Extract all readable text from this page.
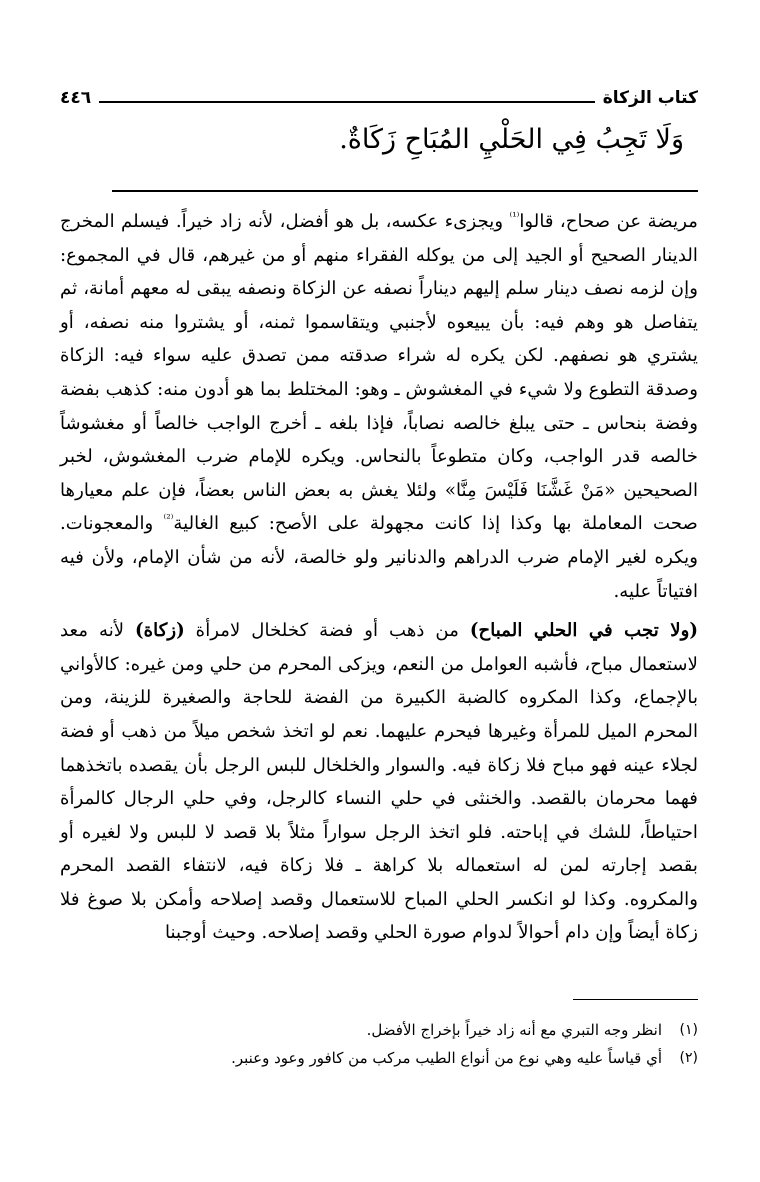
كتاب الزكاة
٤٤٦
وَلَا تَجِبُ فِي الحَلْيِ المُبَاحِ زَكَاةٌ.

مريضة عن صحاح، قالوا$^{^{(1)}}$ ويجزىء عكسه، بل هو أفضل، لأنه زاد خيراً. فيسلم المخرج الدينار الصحيح أو الجيد إلى من يوكله الفقراء منهم أو من غيرهم، قال في المجموع: وإن لزمه نصف دينار سلم إليهم ديناراً نصفه عن الزكاة ونصفه يبقى له معهم أمانة، ثم يتفاصل هو وهم فيه: بأن يبيعوه لأجنبي ويتقاسموا ثمنه، أو يشتروا منه نصفه، أو يشتري هو نصفهم. لكن يكره له شراء صدقته ممن تصدق عليه سواء فيه: الزكاة وصدقة التطوع ولا شيء في المغشوش ـ وهو: المختلط بما هو أدون منه: كذهب بفضة وفضة بنحاس ـ حتى يبلغ خالصه نصاباً، فإذا بلغه ـ أخرج الواجب خالصاً أو مغشوشاً خالصه قدر الواجب، وكان متطوعاً بالنحاس. ويكره للإمام ضرب المغشوش، لخبر الصحيحين «مَنْ غَشَّنَا فَلَيْسَ مِنَّا» ولئلا يغش به بعض الناس بعضاً، فإن علم معيارها صحت المعاملة بها وكذا إذا كانت مجهولة على الأصح: كبيع الغالية$^{^{(2)}}$ والمعجونات. ويكره لغير الإمام ضرب الدراهم والدنانير ولو خالصة، لأنه من شأن الإمام، ولأن فيه افتياتاً عليه.

(ولا تجب في الحلي المباح) من ذهب أو فضة كخلخال لامرأة (زكاة) لأنه معد لاستعمال مباح، فأشبه العوامل من النعم، ويزكى المحرم من حلي ومن غيره: كالأواني بالإجماع، وكذا المكروه كالضبة الكبيرة من الفضة للحاجة والصغيرة للزينة، ومن المحرم الميل للمرأة وغيرها فيحرم عليهما. نعم لو اتخذ شخص ميلاً من ذهب أو فضة لجلاء عينه فهو مباح فلا زكاة فيه. والسوار والخلخال للبس الرجل بأن يقصده باتخذهما فهما محرمان بالقصد. والخنثى في حلي النساء كالرجل، وفي حلي الرجال كالمرأة احتياطاً، للشك في إباحته. فلو اتخذ الرجل سواراً مثلاً بلا قصد لا للبس ولا لغيره أو بقصد إجارته لمن له استعماله بلا كراهة ـ فلا زكاة فيه، لانتفاء القصد المحرم والمكروه. وكذا لو انكسر الحلي المباح للاستعمال وقصد إصلاحه وأمكن بلا صوغ فلا زكاة أيضاً وإن دام أحوالاً لدوام صورة الحلي وقصد إصلاحه. وحيث أوجبنا

(١)
انظر وجه التبري مع أنه زاد خيراً بإخراج الأفضل.
(٢)
أي قياساً عليه وهي نوع من أنواع الطيب مركب من كافور وعود وعنبر.
